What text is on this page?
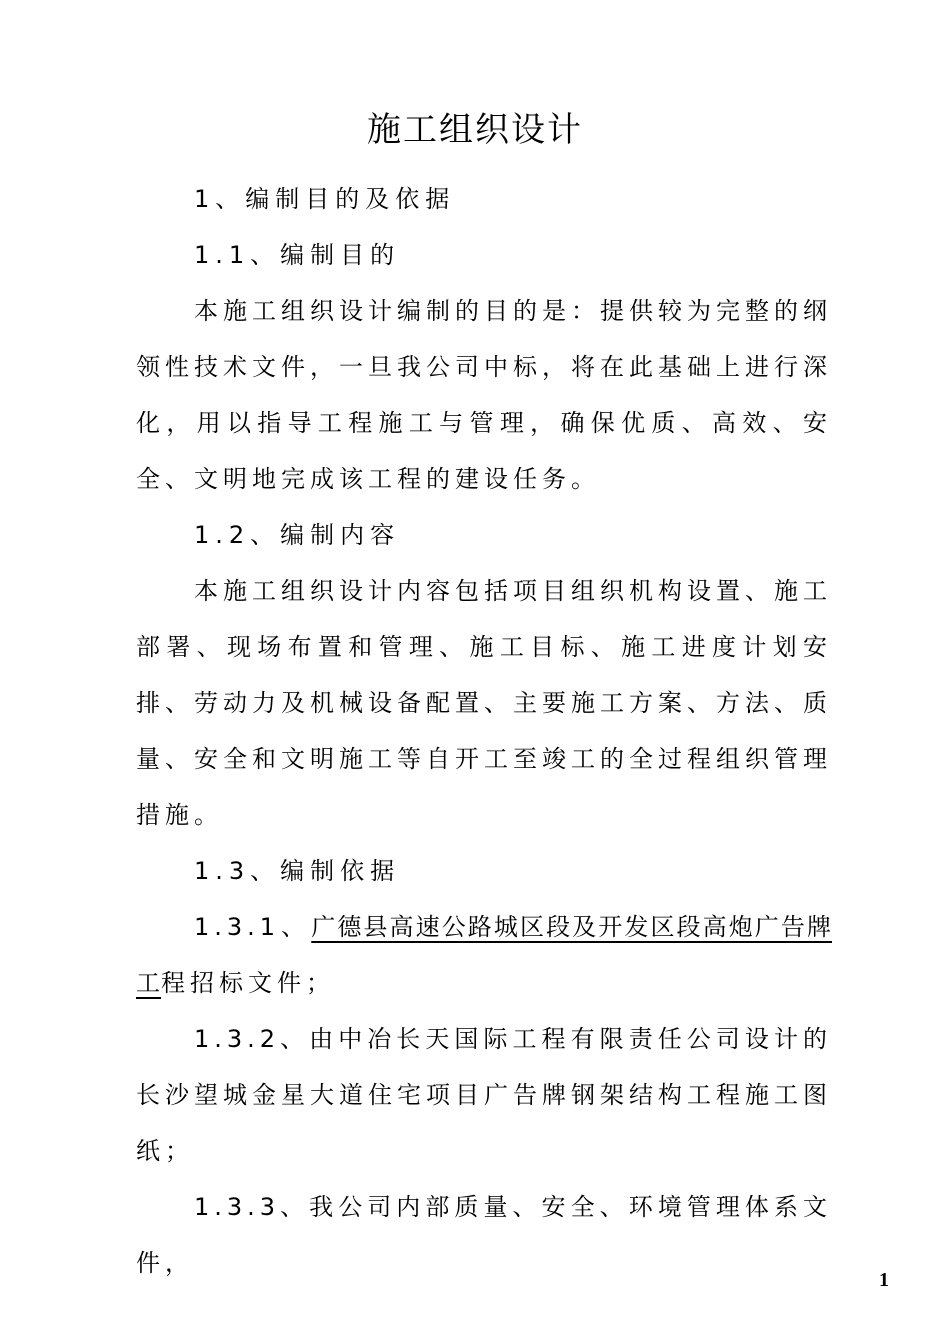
施工组织设计

1、编制目的及依据

1.1、编制目的

本施工组织设计编制的目的是：提供较为完整的纲领性技术文件，一旦我公司中标，将在此基础上进行深化，用以指导工程施工与管理，确保优质、高效、安全、文明地完成该工程的建设任务。

1.2、编制内容

本施工组织设计内容包括项目组织机构设置、施工部署、现场布置和管理、施工目标、施工进度计划安排、劳动力及机械设备配置、主要施工方案、方法、质量、安全和文明施工等自开工至竣工的全过程组织管理措施。

1.3、编制依据

1.3.1、广德县高速公路城区段及开发区段高炮广告牌工程招标文件；

1.3.2、由中冶长天国际工程有限责任公司设计的长沙望城金星大道住宅项目广告牌钢架结构工程施工图纸；

1.3.3、我公司内部质量、安全、环境管理体系文件，

1
